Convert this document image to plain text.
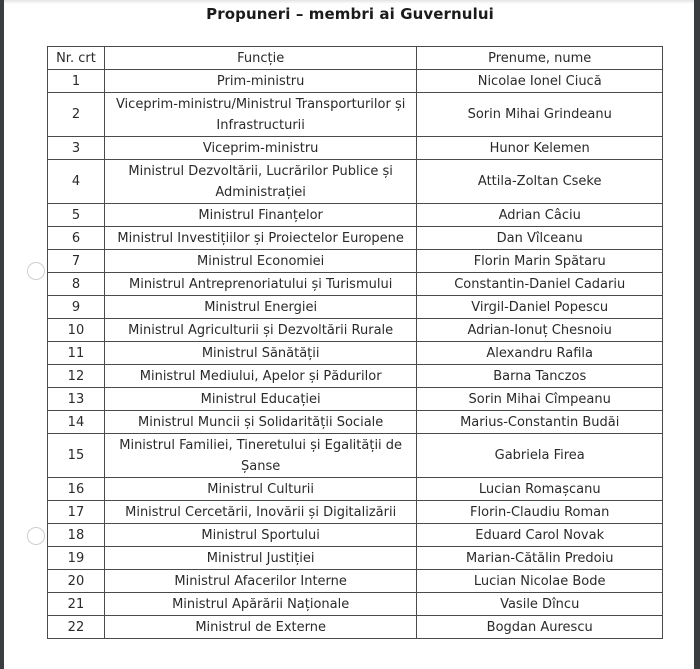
Propuneri – membri ai Guvernului
Nr. crt	Funcție	Prenume, nume
1	Prim-ministru	Nicolae Ionel Ciucă
2	Viceprim-ministru/Ministrul Transporturilor și Infrastructurii	Sorin Mihai Grindeanu
3	Viceprim-ministru	Hunor Kelemen
4	Ministrul Dezvoltării, Lucrărilor Publice și Administrației	Attila-Zoltan Cseke
5	Ministrul Finanțelor	Adrian Câciu
6	Ministrul Investițiilor și Proiectelor Europene	Dan Vîlceanu
7	Ministrul Economiei	Florin Marin Spătaru
8	Ministrul Antreprenoriatului și Turismului	Constantin-Daniel Cadariu
9	Ministrul Energiei	Virgil-Daniel Popescu
10	Ministrul Agriculturii și Dezvoltării Rurale	Adrian-Ionuț Chesnoiu
11	Ministrul Sănătății	Alexandru Rafila
12	Ministrul Mediului, Apelor și Pădurilor	Barna Tanczos
13	Ministrul Educației	Sorin Mihai Cîmpeanu
14	Ministrul Muncii și Solidarității Sociale	Marius-Constantin Budăi
15	Ministrul Familiei, Tineretului și Egalității de Șanse	Gabriela Firea
16	Ministrul Culturii	Lucian Romașcanu
17	Ministrul Cercetării, Inovării și Digitalizării	Florin-Claudiu Roman
18	Ministrul Sportului	Eduard Carol Novak
19	Ministrul Justiției	Marian-Cătălin Predoiu
20	Ministrul Afacerilor Interne	Lucian Nicolae Bode
21	Ministrul Apărării Naționale	Vasile Dîncu
22	Ministrul de Externe	Bogdan Aurescu
